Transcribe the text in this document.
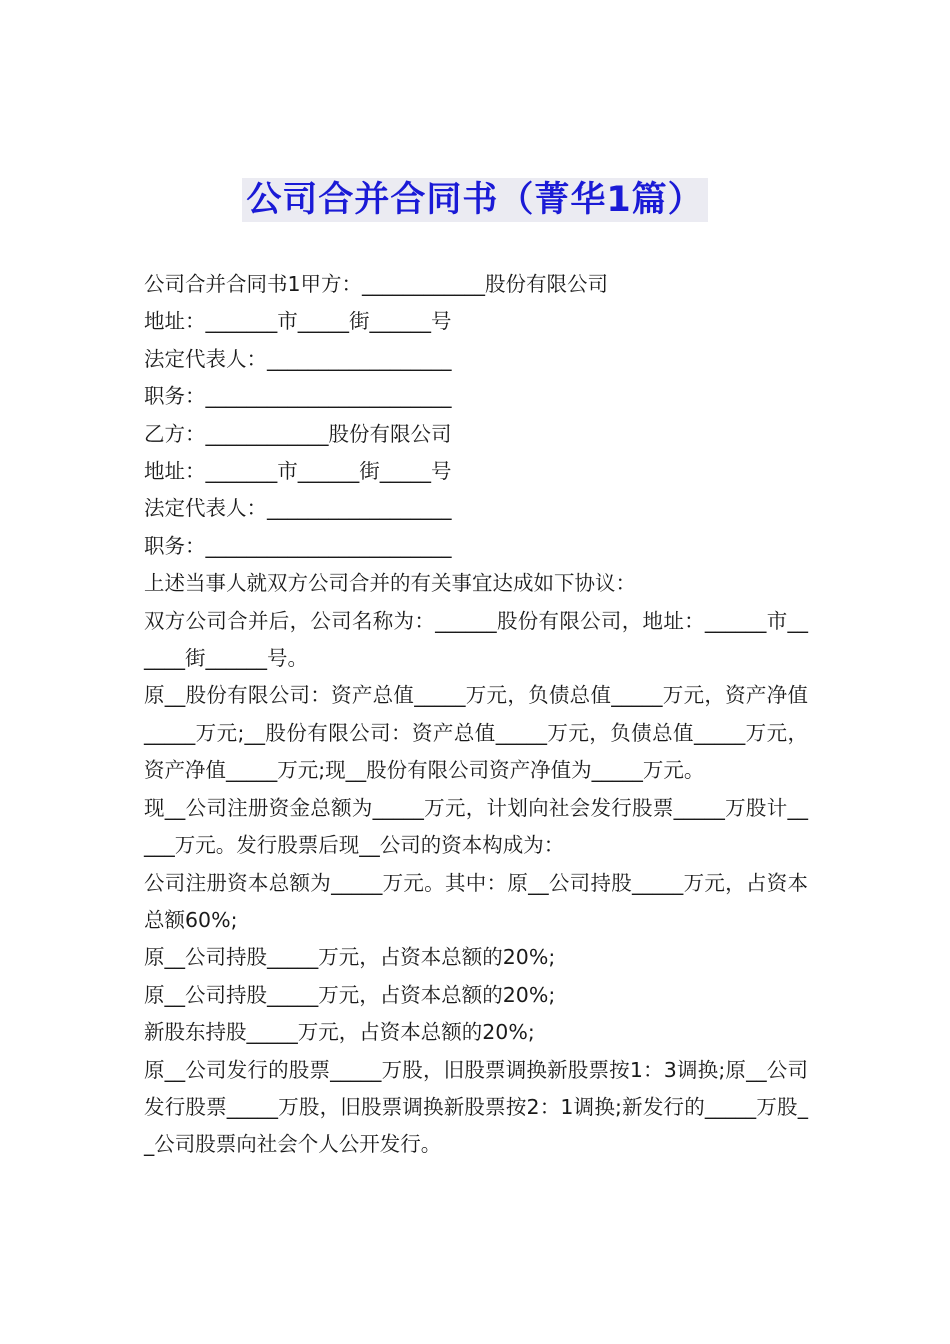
公司合并合同书（菁华1篇）

公司合并合同书1甲方：____________股份有限公司

地址：_______市_____街______号

法定代表人：__________________

职务：________________________

乙方：____________股份有限公司

地址：_______市______街_____号

法定代表人：__________________

职务：________________________

上述当事人就双方公司合并的有关事宜达成如下协议：

双方公司合并后，公司名称为：______股份有限公司，地址：______市______街______号。

原__股份有限公司：资产总值_____万元，负债总值_____万元，资产净值_____万元;__股份有限公司：资产总值_____万元，负债总值_____万元，资产净值_____万元;现__股份有限公司资产净值为_____万元。

现__公司注册资金总额为_____万元，计划向社会发行股票_____万股计_____万元。发行股票后现__公司的资本构成为：

公司注册资本总额为_____万元。其中：原__公司持股_____万元，占资本总额60%;

原__公司持股_____万元，占资本总额的20%;

原__公司持股_____万元，占资本总额的20%;

新股东持股_____万元，占资本总额的20%;

原__公司发行的股票_____万股，旧股票调换新股票按1：3调换;原__公司发行股票_____万股，旧股票调换新股票按2：1调换;新发行的_____万股__公司股票向社会个人公开发行。
